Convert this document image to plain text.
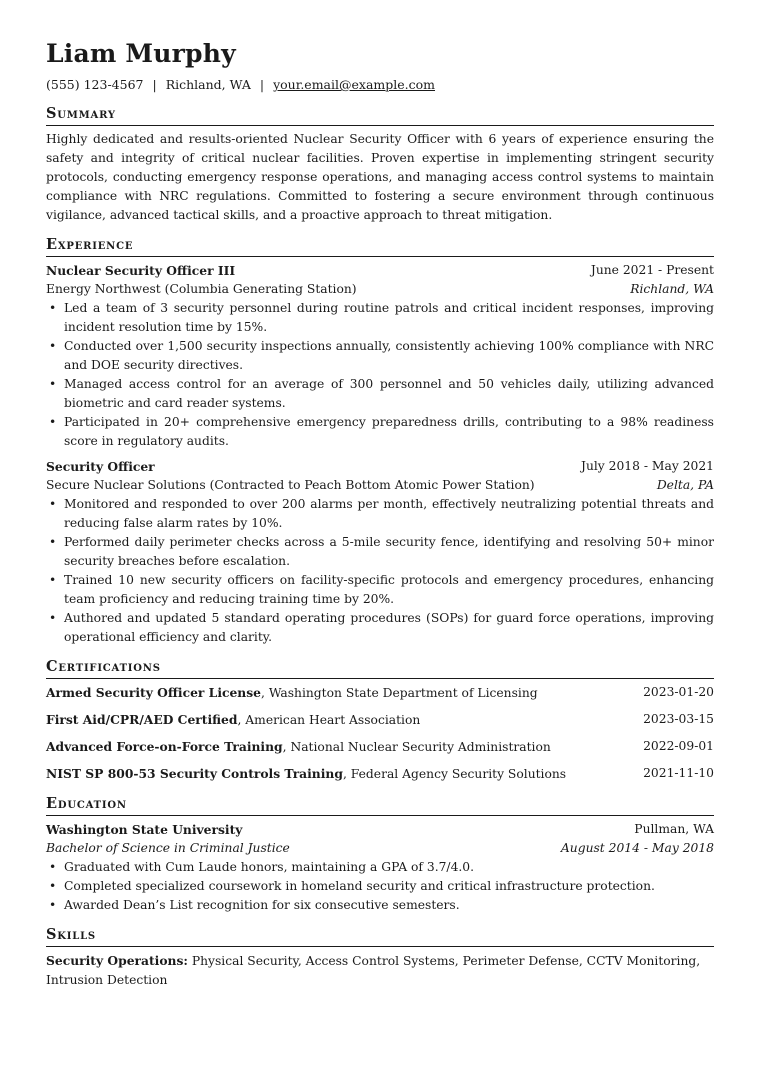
Liam Murphy
(555) 123-4567 | Richland, WA | your.email@example.com
Summary

Highly dedicated and results-oriented Nuclear Security Officer with 6 years of experience ensuring the safety and integrity of critical nuclear facilities. Proven expertise in implementing stringent security protocols, conducting emergency response operations, and managing access control systems to maintain compliance with NRC regulations. Committed to fostering a secure environment through continuous vigilance, advanced tactical skills, and a proactive approach to threat mitigation.

Experience
Nuclear Security Officer III	June 2021 - Present
Energy Northwest (Columbia Generating Station)	Richland, WA
• Led a team of 3 security personnel during routine patrols and critical incident responses, improving incident resolution time by 15%.
• Conducted over 1,500 security inspections annually, consistently achieving 100% compliance with NRC and DOE security directives.
• Managed access control for an average of 300 personnel and 50 vehicles daily, utilizing advanced biometric and card reader systems.
• Participated in 20+ comprehensive emergency preparedness drills, contributing to a 98% readiness score in regulatory audits.
Security Officer	July 2018 - May 2021
Secure Nuclear Solutions (Contracted to Peach Bottom Atomic Power Station)	Delta, PA
• Monitored and responded to over 200 alarms per month, effectively neutralizing potential threats and reducing false alarm rates by 10%.
• Performed daily perimeter checks across a 5-mile security fence, identifying and resolving 50+ minor security breaches before escalation.
• Trained 10 new security officers on facility-specific protocols and emergency procedures, enhancing team proficiency and reducing training time by 20%.
• Authored and updated 5 standard operating procedures (SOPs) for guard force operations, improving operational efficiency and clarity.
Certifications
Armed Security Officer License, Washington State Department of Licensing	2023-01-20
First Aid/CPR/AED Certified, American Heart Association	2023-03-15
Advanced Force-on-Force Training, National Nuclear Security Administration	2022-09-01
NIST SP 800-53 Security Controls Training, Federal Agency Security Solutions	2021-11-10
Education
Washington State University	Pullman, WA
Bachelor of Science in Criminal Justice	August 2014 - May 2018
• Graduated with Cum Laude honors, maintaining a GPA of 3.7/4.0.
• Completed specialized coursework in homeland security and critical infrastructure protection.
• Awarded Dean’s List recognition for six consecutive semesters.
Skills

Security Operations: Physical Security, Access Control Systems, Perimeter Defense, CCTV Monitoring, Intrusion Detection
